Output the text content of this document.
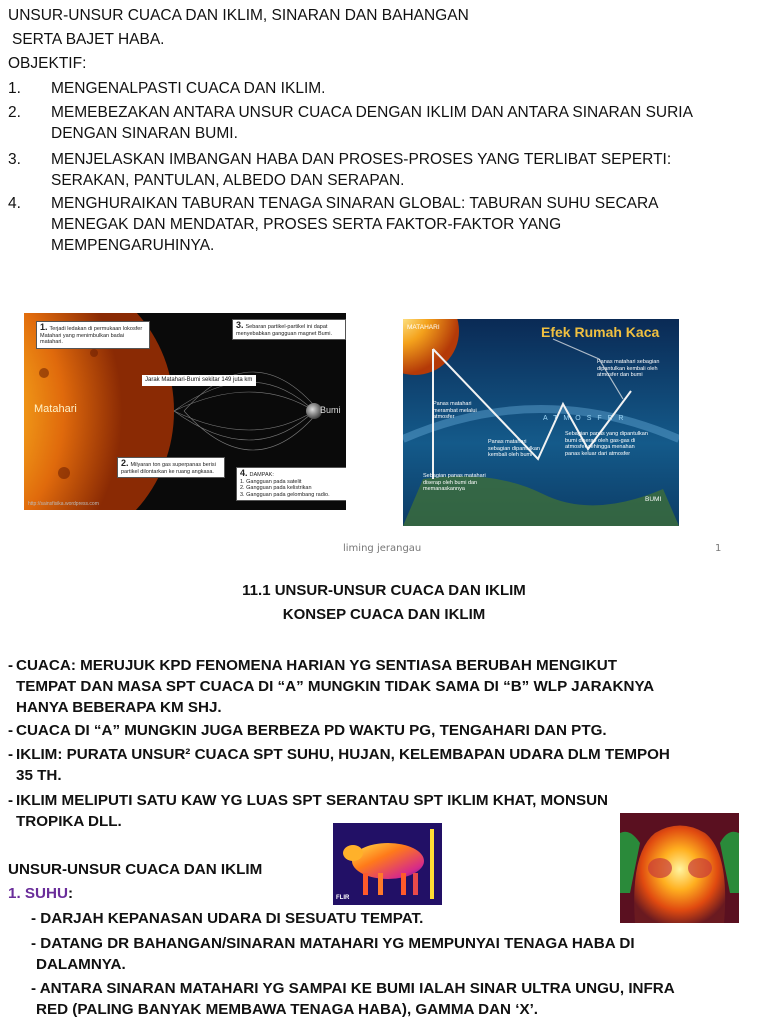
UNSUR-UNSUR CUACA DAN IKLIM, SINARAN DAN BAHANGAN
SERTA BAJET HABA.
OBJEKTIF:
1. MENGENALPASTI CUACA DAN IKLIM.
2. MEMEBEZAKAN ANTARA UNSUR CUACA DENGAN IKLIM DAN ANTARA SINARAN SURIA
DENGAN SINARAN BUMI.
3. MENJELASKAN IMBANGAN HABA DAN PROSES-PROSES YANG TERLIBAT SEPERTI:
SERAKAN, PANTULAN, ALBEDO DAN SERAPAN.
4. MENGHURAIKAN TABURAN TENAGA SINARAN GLOBAL: TABURAN SUHU SECARA
MENEGAK DAN MENDATAR, PROSES SERTA FAKTOR-FAKTOR YANG
MEMPENGARUHINYA.
Jarak Matahari-Bumi sekitar 149 juta km
Matahari	Bumi
1. Terjadi ledakan di permukaan lokosfer Matahari yang menimbulkan badai matahari.
3. Sebaran partikel-partikel ini dapat menyebabkan gangguan magnet Bumi.
2. Milyaran ton gas superpanas berisi partikel dilontarkan ke ruang angkasa.	4. DAMPAK:
1. Gangguan pada satelit
2. Gangguan pada kelistrikan
3. Gangguan pada gelombang radio.
http://sainsfisika.wordpress.com
Efek Rumah Kaca
MATAHARI
BUMI
ATMOSFER
Panas matahari merambat melalui atmosfer
Panas matahari sebagian dipantulkan kembali oleh bumi
Panas matahari sebagian dipantulkan kembali oleh atmosfer dan bumi
Sebagian panas yang dipantulkan bumi diserap oleh gas-gas di atmosfer sehingga menahan panas keluar dari atmosfer
Sebagian panas matahari diserap oleh bumi dan memanaskannya
liming jerangau	1
11.1 UNSUR-UNSUR CUACA DAN IKLIM
KONSEP CUACA DAN IKLIM
- CUACA: MERUJUK KPD FENOMENA HARIAN YG SENTIASA BERUBAH MENGIKUT
TEMPAT DAN MASA SPT CUACA DI “A” MUNGKIN TIDAK SAMA DI “B” WLP JARAKNYA
HANYA BEBERAPA KM SHJ.
- CUACA DI “A” MUNGKIN JUGA BERBEZA PD WAKTU PG, TENGAHARI DAN PTG.
- IKLIM: PURATA UNSUR² CUACA SPT SUHU, HUJAN, KELEMBAPAN UDARA DLM TEMPOH
35 TH.
- IKLIM MELIPUTI SATU KAW YG LUAS SPT SERANTAU SPT IKLIM KHAT, MONSUN
TROPIKA DLL.
FLIR
UNSUR-UNSUR CUACA DAN IKLIM
1. SUHU:
- DARJAH KEPANASAN UDARA DI SESUATU TEMPAT.
- DATANG DR BAHANGAN/SINARAN MATAHARI YG MEMPUNYAI TENAGA HABA DI
DALAMNYA.
- ANTARA SINARAN MATAHARI YG SAMPAI KE BUMI IALAH SINAR ULTRA UNGU, INFRA
RED (PALING BANYAK MEMBAWA TENAGA HABA), GAMMA DAN ‘X’.
